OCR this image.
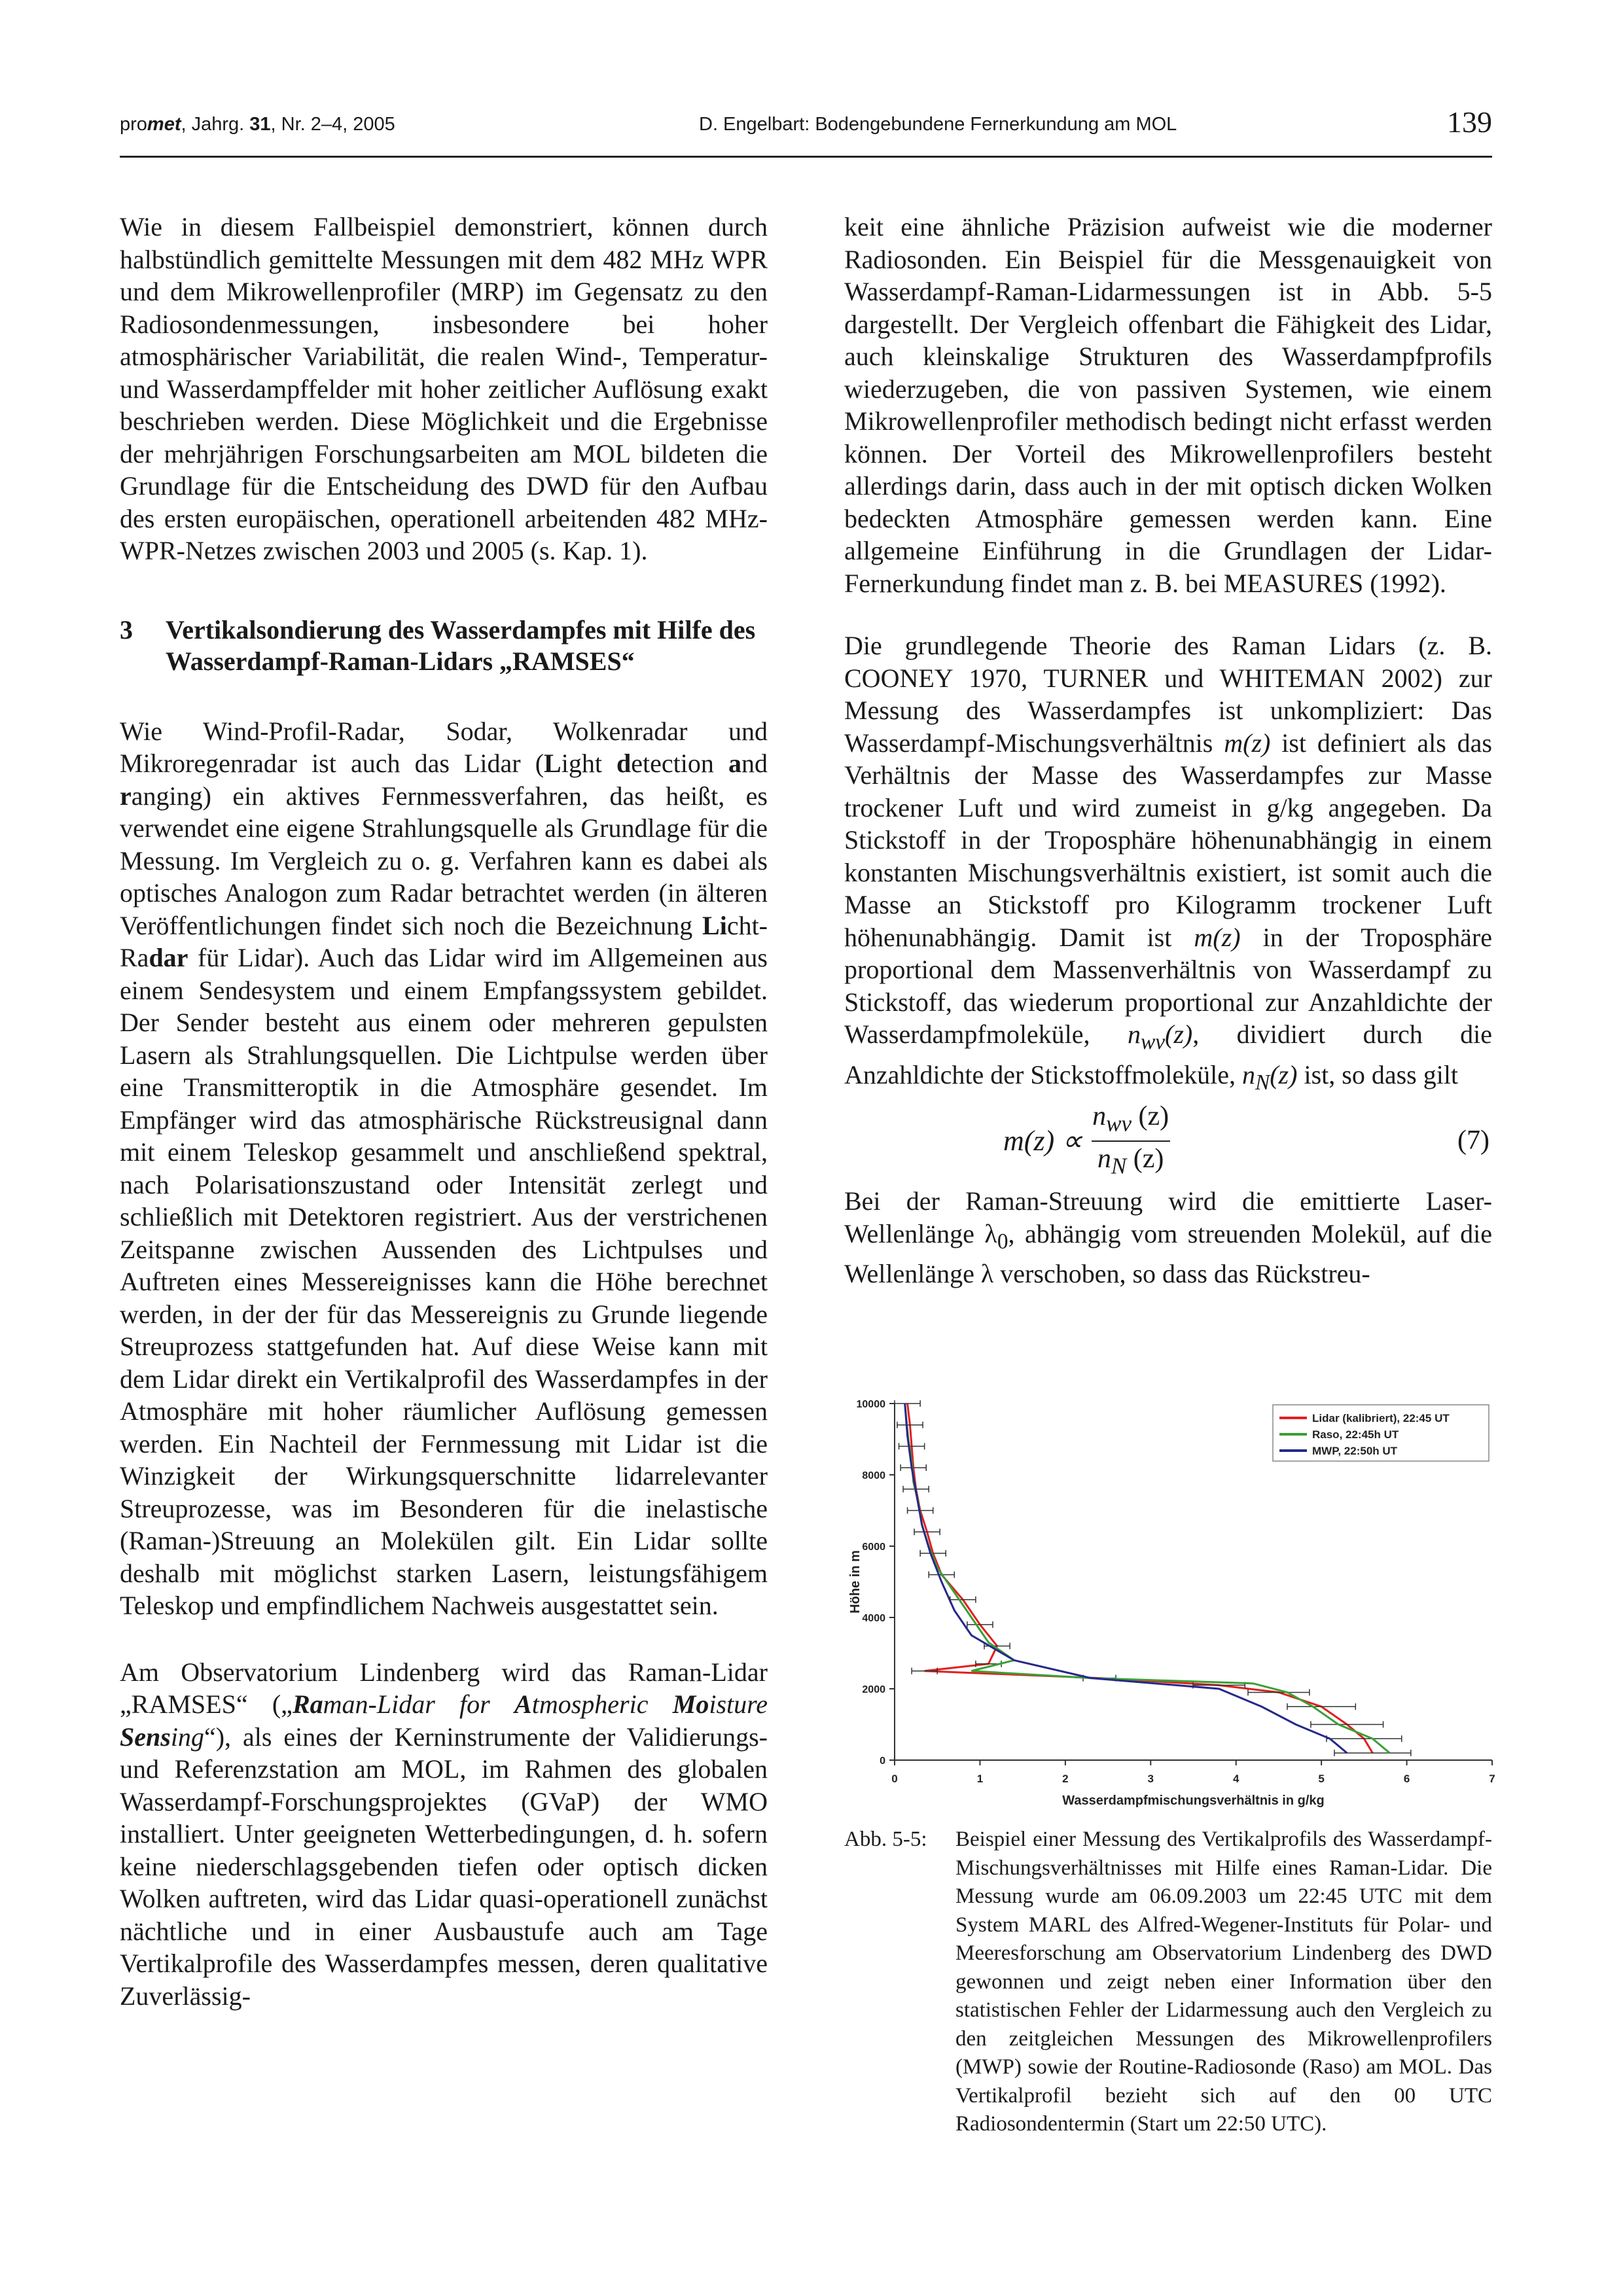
promet, Jahrg. 31, Nr. 2–4, 2005	D. Engelbart: Bodengebundene Fernerkundung am MOL	139

Wie in diesem Fallbeispiel demonstriert, können durch halbstündlich gemittelte Messungen mit dem 482 MHz WPR und dem Mikrowellenprofiler (MRP) im Gegensatz zu den Radiosondenmessungen, insbesondere bei hoher atmosphärischer Variabilität, die realen Wind-, Temperatur- und Wasserdampffelder mit hoher zeitlicher Auflösung exakt beschrieben werden. Diese Möglichkeit und die Ergebnisse der mehrjährigen Forschungsarbeiten am MOL bildeten die Grundlage für die Entscheidung des DWD für den Aufbau des ersten europäischen, operationell arbeitenden 482 MHz-WPR-Netzes zwischen 2003 und 2005 (s. Kap. 1).

3	Vertikalsondierung des Wasserdampfes mit Hilfe des Wasserdampf-Raman-Lidars „RAMSES“

Wie Wind-Profil-Radar, Sodar, Wolkenradar und Mikroregenradar ist auch das Lidar (Light detection and ranging) ein aktives Fernmessverfahren, das heißt, es verwendet eine eigene Strahlungsquelle als Grundlage für die Messung. Im Vergleich zu o. g. Verfahren kann es dabei als optisches Analogon zum Radar betrachtet werden (in älteren Veröffentlichungen findet sich noch die Bezeichnung Licht-Radar für Lidar). Auch das Lidar wird im Allgemeinen aus einem Sendesystem und einem Empfangssystem gebildet. Der Sender besteht aus einem oder mehreren gepulsten Lasern als Strahlungsquellen. Die Lichtpulse werden über eine Transmitteroptik in die Atmosphäre gesendet. Im Empfänger wird das atmosphärische Rückstreusignal dann mit einem Teleskop gesammelt und anschließend spektral, nach Polarisationszustand oder Intensität zerlegt und schließlich mit Detektoren registriert. Aus der verstrichenen Zeitspanne zwischen Aussenden des Lichtpulses und Auftreten eines Messereignisses kann die Höhe berechnet werden, in der der für das Messereignis zu Grunde liegende Streuprozess stattgefunden hat. Auf diese Weise kann mit dem Lidar direkt ein Vertikalprofil des Wasserdampfes in der Atmosphäre mit hoher räumlicher Auflösung gemessen werden. Ein Nachteil der Fernmessung mit Lidar ist die Winzigkeit der Wirkungsquerschnitte lidarrelevanter Streuprozesse, was im Besonderen für die inelastische (Raman-)Streuung an Molekülen gilt. Ein Lidar sollte deshalb mit möglichst starken Lasern, leistungsfähigem Teleskop und empfindlichem Nachweis ausgestattet sein.

Am Observatorium Lindenberg wird das Raman-Lidar „RAMSES“ („Raman-Lidar for Atmospheric Moisture Sensing“), als eines der Kerninstrumente der Validierungs- und Referenzstation am MOL, im Rahmen des globalen Wasserdampf-Forschungsprojektes (GVaP) der WMO installiert. Unter geeigneten Wetterbedingungen, d. h. sofern keine niederschlagsgebenden tiefen oder optisch dicken Wolken auftreten, wird das Lidar quasi-operationell zunächst nächtliche und in einer Ausbaustufe auch am Tage Vertikalprofile des Wasserdampfes messen, deren qualitative Zuverlässig-

keit eine ähnliche Präzision aufweist wie die moderner Radiosonden. Ein Beispiel für die Messgenauigkeit von Wasserdampf-Raman-Lidarmessungen ist in Abb. 5-5 dargestellt. Der Vergleich offenbart die Fähigkeit des Lidar, auch kleinskalige Strukturen des Wasserdampfprofils wiederzugeben, die von passiven Systemen, wie einem Mikrowellenprofiler methodisch bedingt nicht erfasst werden können. Der Vorteil des Mikrowellenprofilers besteht allerdings darin, dass auch in der mit optisch dicken Wolken bedeckten Atmosphäre gemessen werden kann. Eine allgemeine Einführung in die Grundlagen der Lidar-Fernerkundung findet man z. B. bei MEASURES (1992).

Die grundlegende Theorie des Raman Lidars (z. B. COONEY 1970, TURNER und WHITEMAN 2002) zur Messung des Wasserdampfes ist unkompliziert: Das Wasserdampf-Mischungsverhältnis m(z) ist definiert als das Verhältnis der Masse des Wasserdampfes zur Masse trockener Luft und wird zumeist in g/kg angegeben. Da Stickstoff in der Troposphäre höhenunabhängig in einem konstanten Mischungsverhältnis existiert, ist somit auch die Masse an Stickstoff pro Kilogramm trockener Luft höhenunabhängig. Damit ist m(z) in der Troposphäre proportional dem Massenverhältnis von Wasserdampf zu Stickstoff, das wiederum proportional zur Anzahldichte der Wasserdampfmoleküle, $n_{wv}(z)$, dividiert durch die Anzahldichte der Stickstoffmoleküle, $n_N(z)$ ist, so dass gilt

$m(z) \propto \frac{n_{wv} (z)}{n_N (z)}$	(7)

Bei der Raman-Streuung wird die emittierte Laser-Wellenlänge $\lambda_0$, abhängig vom streuenden Molekül, auf die Wellenlänge λ verschoben, so dass das Rückstreu-

0	1	2	3	4	5	6	7
0
2000
4000
6000
8000
10000
Wasserdampfmischungsverhältnis in g/kg
Höhe in m
Lidar (kalibriert), 22:45 UT
Raso, 22:45h UT
MWP, 22:50h UT
Abb. 5-5:	Beispiel einer Messung des Vertikalprofils des Wasserdampf-Mischungsverhältnisses mit Hilfe eines Raman-Lidar. Die Messung wurde am 06.09.2003 um 22:45 UTC mit dem System MARL des Alfred-Wegener-Instituts für Polar- und Meeresforschung am Observatorium Lindenberg des DWD gewonnen und zeigt neben einer Information über den statistischen Fehler der Lidarmessung auch den Vergleich zu den zeitgleichen Messungen des Mikrowellenprofilers (MWP) sowie der Routine-Radiosonde (Raso) am MOL. Das Vertikalprofil bezieht sich auf den 00 UTC Radiosondentermin (Start um 22:50 UTC).
